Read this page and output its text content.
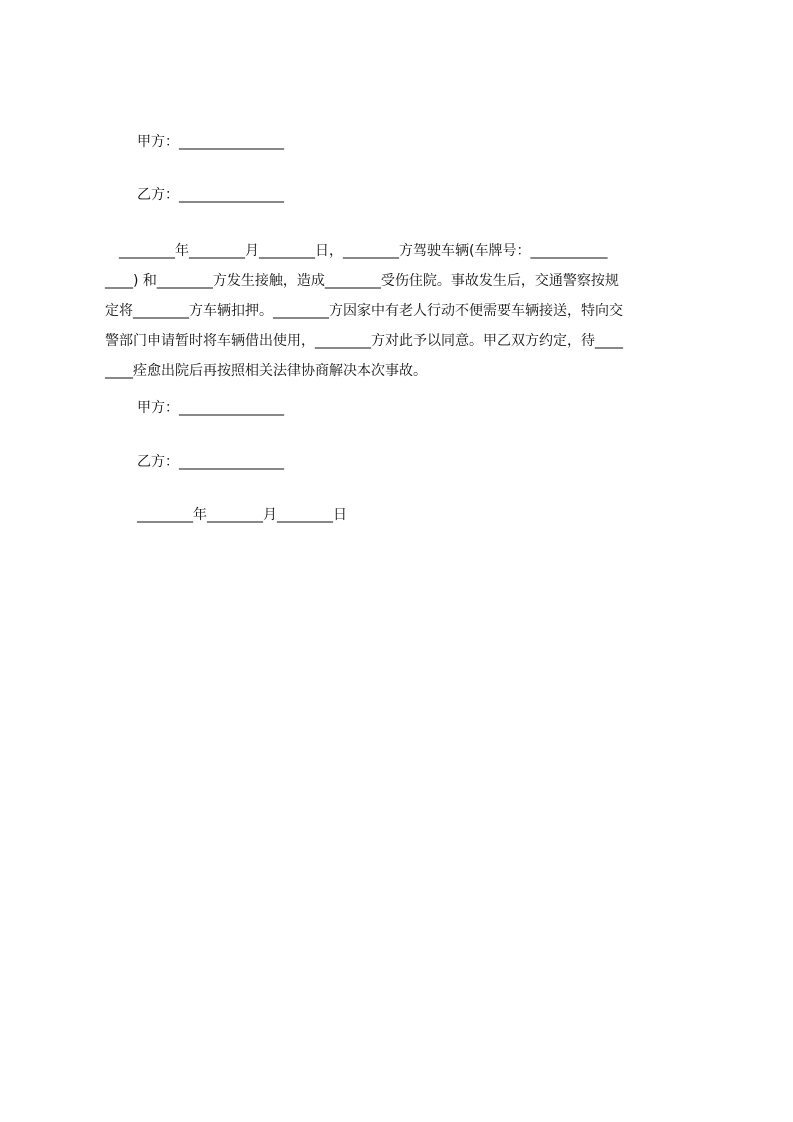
甲方：_______________
乙方：_______________
　________年________月________日，________方驾驶车辆(车牌号：___________
____) 和________方发生接触，造成________受伤住院。事故发生后，交通警察按规
定将________方车辆扣押。________方因家中有老人行动不便需要车辆接送，特向交
警部门申请暂时将车辆借出使用，________方对此予以同意。甲乙双方约定，待____
____痊愈出院后再按照相关法律协商解决本次事故。
甲方：_______________
乙方：_______________
________年________月________日
